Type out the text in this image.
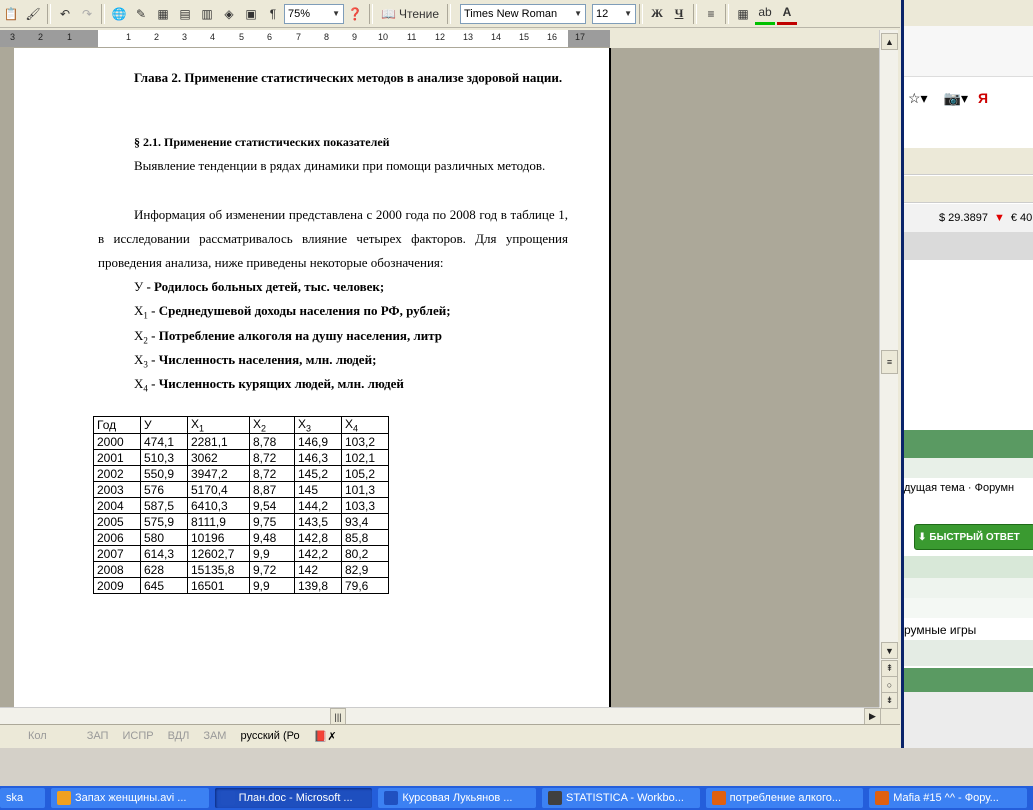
📋 🖌	↶ ↷	🌐 ✎ ▦ ▤ ▥ ◈ ▣	¶	75%	▼ ❓ 📖 Чтение Times New Roman ▼ 12 ▼	Ж Ч	≡	▦ ab A
3	2	1	1	2	3	4	5	6	7	8	9 10 11 12 13 14 15 16 17
Глава 2. Применение статистических методов в анализе здоровой нации.
§ 2.1. Применение статистических показателей
Выявление тенденции в рядах динамики при помощи различных методов.
Информация об изменении представлена с 2000 года по 2008 год в таблице 1, в исследовании рассматривалось влияние четырех факторов. Для упрощения проведения анализа, ниже приведены некоторые обозначения:
У - Родилось больных детей, тыс. человек;
$X_1$ - Среднедушевой доходы населения по РФ, рублей;
$X_2$ - Потребление алкоголя на душу населения, литр
$X_3$ - Численность населения, млн. людей;
$X_4$ - Численность курящих людей, млн. людей
Год	У	$X_1$	$X_2$	$X_3$	$X_4$
2000	474,1	2281,1	8,78	146,9	103,2
2001	510,3	3062	8,72	146,3	102,1
2002	550,9	3947,2	8,72	145,2	105,2
2003	576	5170,4	8,87	145	101,3
2004	587,5	6410,3	9,54	144,2	103,3
2005	575,9	8111,9	9,75	143,5	93,4
2006	580	10196	9,48	142,8	85,8
2007	614,3	12602,7	9,9	142,2	80,2
2008	628	15135,8	9,72	142	82,9
2009	645	16501	9,9	139,8	79,6
▲
≡
▼
⇞
○
⇟
▶
|||
Кол	ЗАП ИСПР ВДЛ ЗАМ русский (Ро 📕✗
☆▾ 📷▾ Я
$ 29.3897 ▼ € 40
дущая тема · Форумн
⬇ БЫСТРЫЙ ОТВЕТ
румные игры
ska	Запах женщины.avi ...	План.doc - Microsoft ...	Курсовая Лукьянов ...	STATISTICA - Workbo...	потребление алкого...	Mafia #15 ^^ - Фору...
